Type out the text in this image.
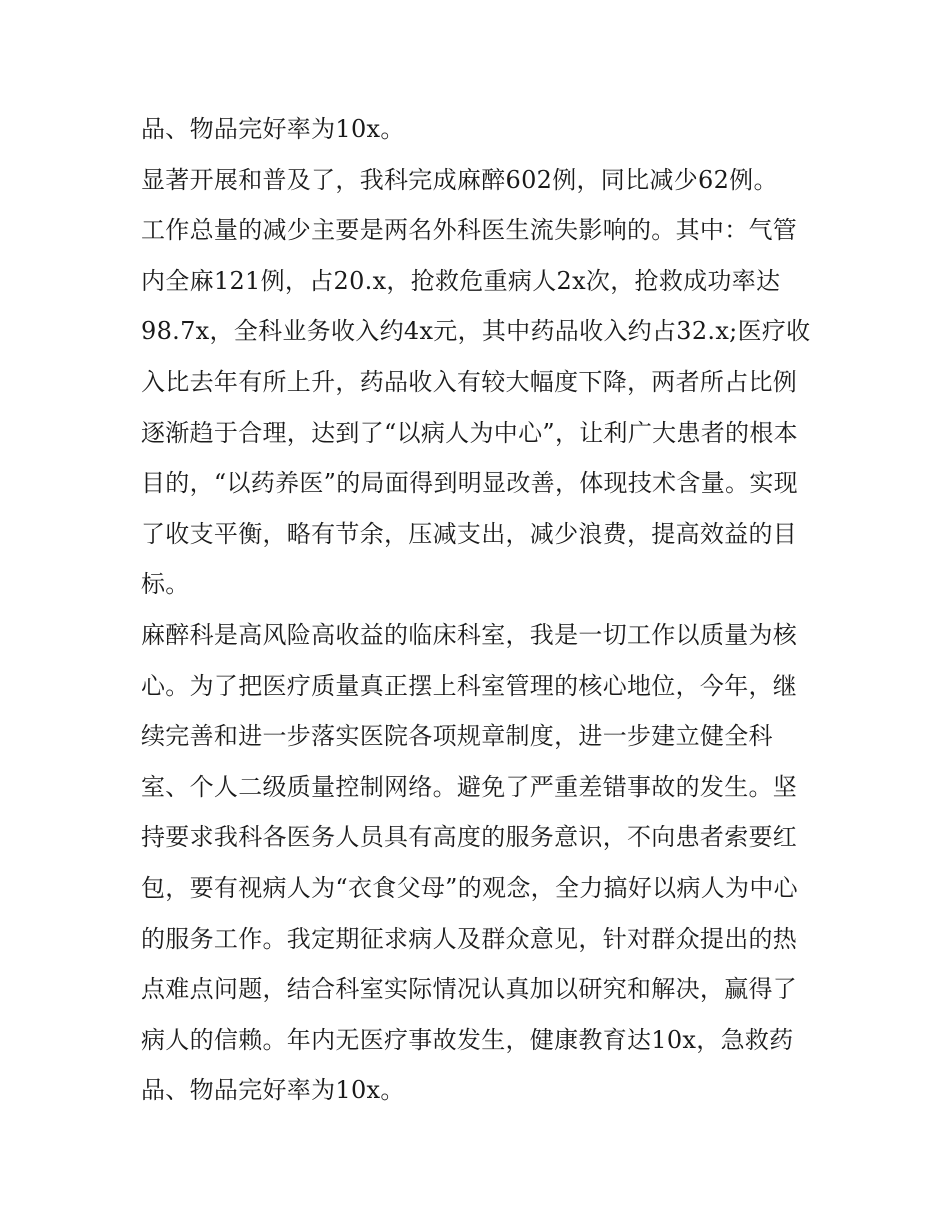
品、物品完好率为10x。
显著开展和普及了，我科完成麻醉602例，同比减少62例。
工作总量的减少主要是两名外科医生流失影响的。其中：气管
内全麻121例，占20.x，抢救危重病人2x次，抢救成功率达
98.7x，全科业务收入约4x元，其中药品收入约占32.x;医疗收
入比去年有所上升，药品收入有较大幅度下降，两者所占比例
逐渐趋于合理，达到了“以病人为中心”，让利广大患者的根本
目的，“以药养医”的局面得到明显改善，体现技术含量。实现
了收支平衡，略有节余，压减支出，减少浪费，提高效益的目
标。
麻醉科是高风险高收益的临床科室，我是一切工作以质量为核
心。为了把医疗质量真正摆上科室管理的核心地位，今年，继
续完善和进一步落实医院各项规章制度，进一步建立健全科
室、个人二级质量控制网络。避免了严重差错事故的发生。坚
持要求我科各医务人员具有高度的服务意识，不向患者索要红
包，要有视病人为“衣食父母”的观念，全力搞好以病人为中心
的服务工作。我定期征求病人及群众意见，针对群众提出的热
点难点问题，结合科室实际情况认真加以研究和解决，赢得了
病人的信赖。年内无医疗事故发生，健康教育达10x，急救药
品、物品完好率为10x。
